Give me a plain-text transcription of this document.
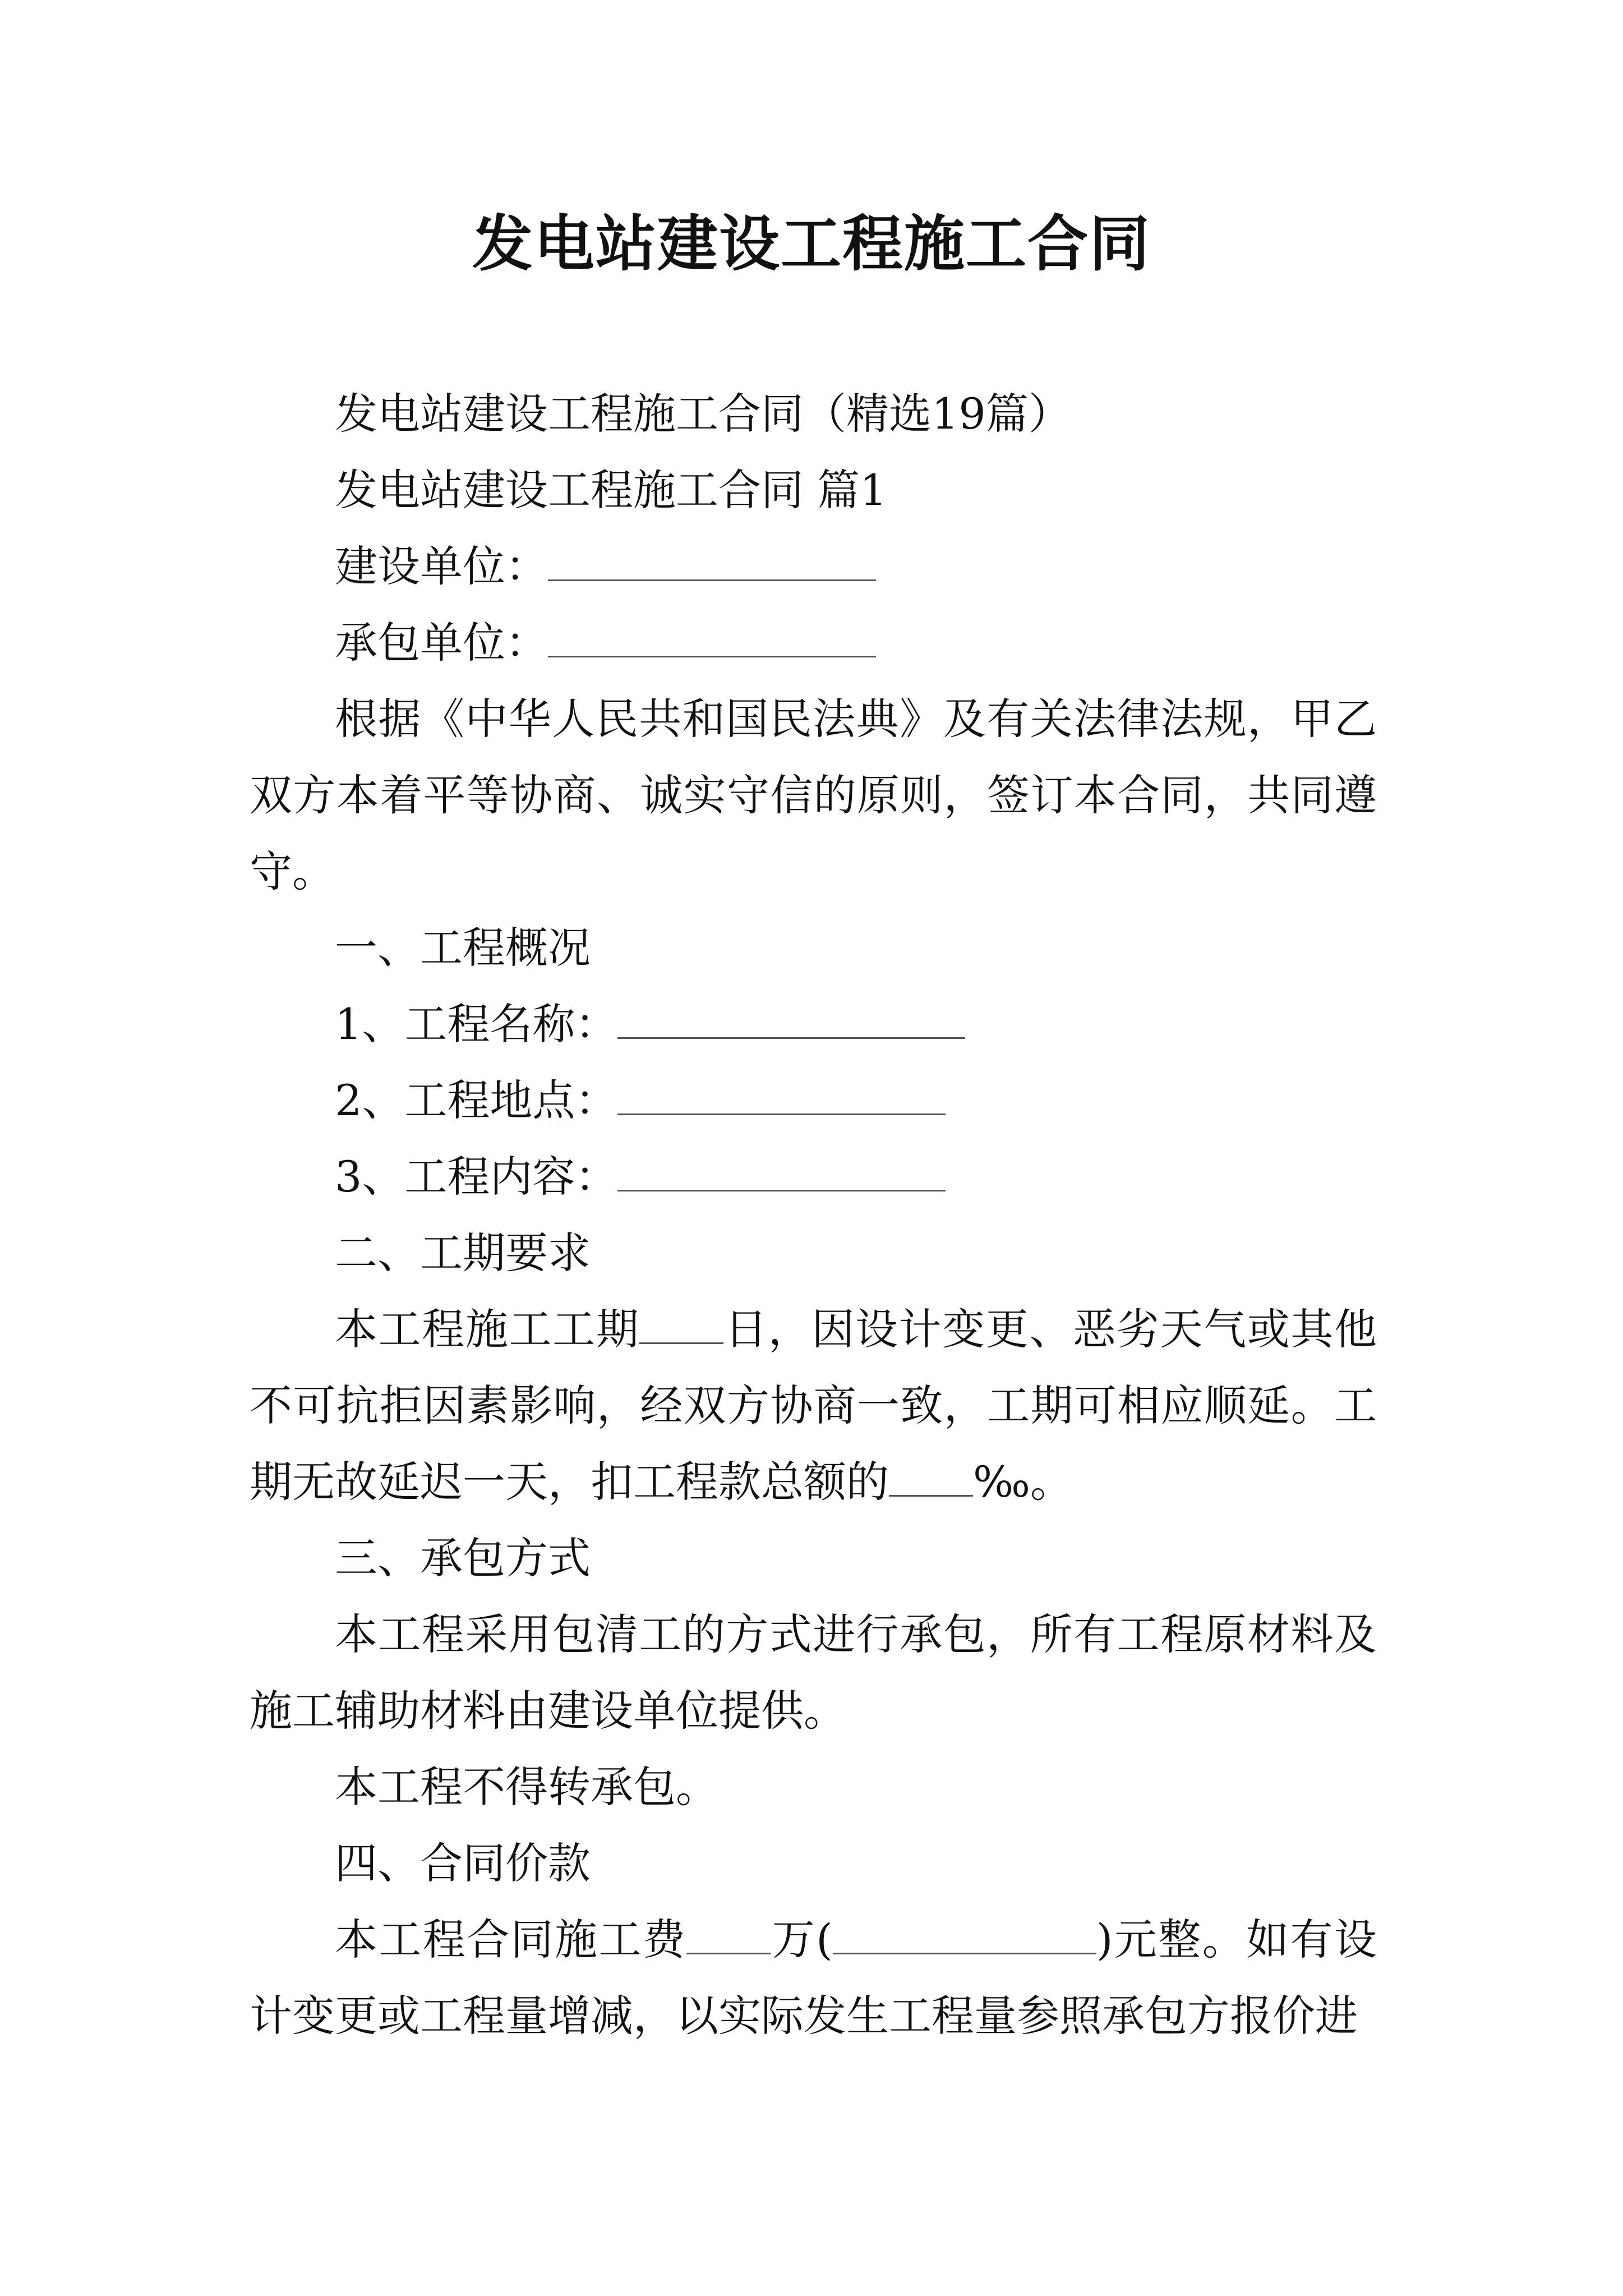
发电站建设工程施工合同

发电站建设工程施工合同（精选19篇）

发电站建设工程施工合同 篇1

建设单位：

承包单位：

根据《中华人民共和国民法典》及有关法律法规，甲乙双方本着平等协商、诚实守信的原则，签订本合同，共同遵守。

一、工程概况

1、工程名称：

2、工程地点：

3、工程内容：

二、工期要求

本工程施工工期 日，因设计变更、恶劣天气或其他不可抗拒因素影响，经双方协商一致，工期可相应顺延。工期无故延迟一天，扣工程款总额的 ‰。

三、承包方式

本工程采用包清工的方式进行承包，所有工程原材料及施工辅助材料由建设单位提供。

本工程不得转承包。

四、合同价款

本工程合同施工费 万(	)元整。如有设计变更或工程量增减，以实际发生工程量参照承包方报价进
